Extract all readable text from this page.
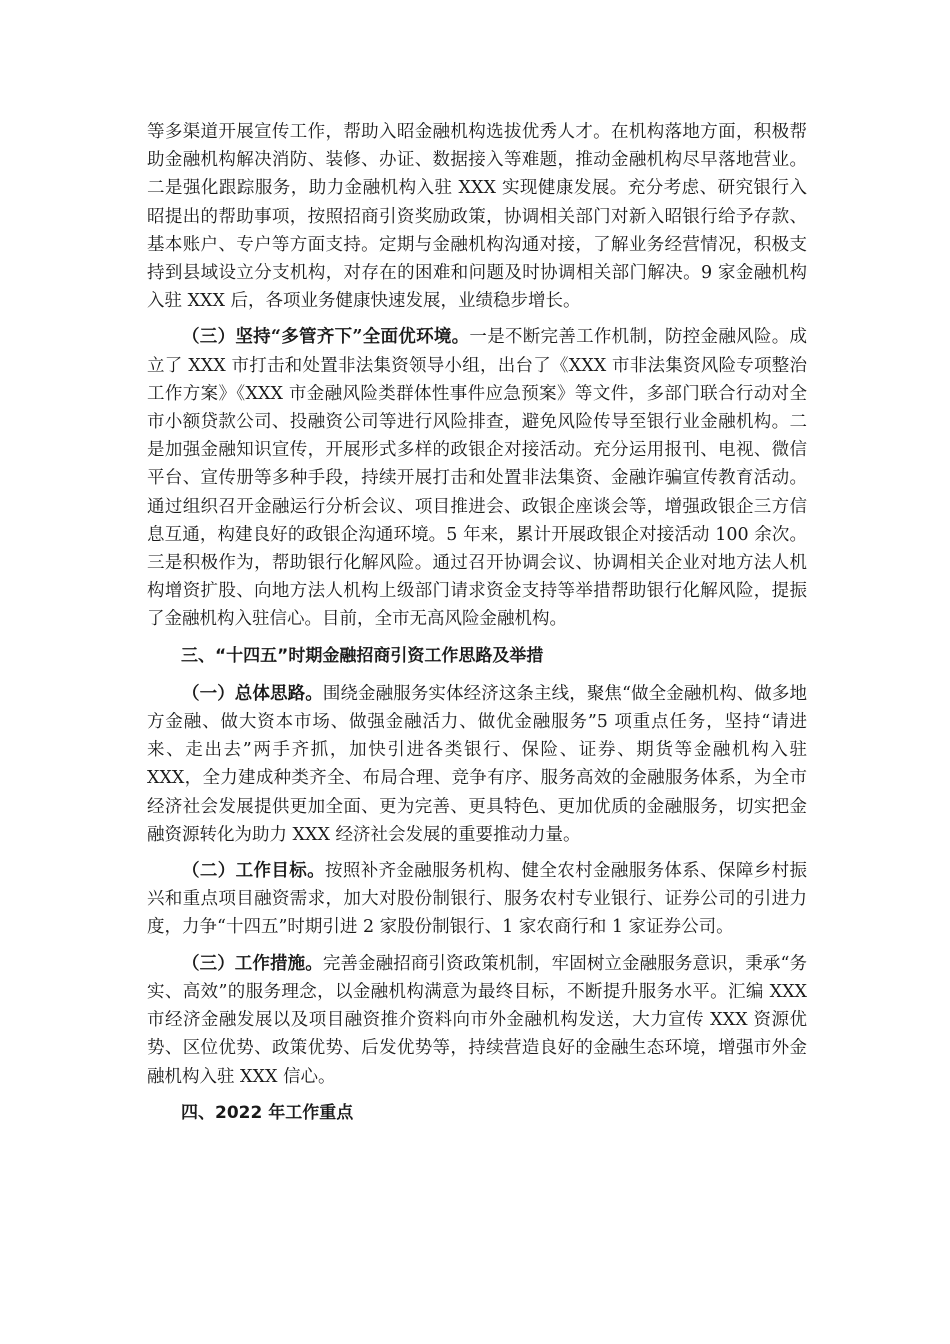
等多渠道开展宣传工作，帮助入昭金融机构选拔优秀人才。在机构落地方面，积极帮助金融机构解决消防、装修、办证、数据接入等难题，推动金融机构尽早落地营业。二是强化跟踪服务，助力金融机构入驻 XXX 实现健康发展。充分考虑、研究银行入昭提出的帮助事项，按照招商引资奖励政策，协调相关部门对新入昭银行给予存款、基本账户、专户等方面支持。定期与金融机构沟通对接，了解业务经营情况，积极支持到县域设立分支机构，对存在的困难和问题及时协调相关部门解决。9 家金融机构入驻 XXX 后，各项业务健康快速发展，业绩稳步增长。

（三）坚持“多管齐下”全面优环境。一是不断完善工作机制，防控金融风险。成立了 XXX 市打击和处置非法集资领导小组，出台了《XXX 市非法集资风险专项整治工作方案》《XXX 市金融风险类群体性事件应急预案》等文件，多部门联合行动对全市小额贷款公司、投融资公司等进行风险排查，避免风险传导至银行业金融机构。二是加强金融知识宣传，开展形式多样的政银企对接活动。充分运用报刊、电视、微信平台、宣传册等多种手段，持续开展打击和处置非法集资、金融诈骗宣传教育活动。通过组织召开金融运行分析会议、项目推进会、政银企座谈会等，增强政银企三方信息互通，构建良好的政银企沟通环境。5 年来，累计开展政银企对接活动 100 余次。三是积极作为，帮助银行化解风险。通过召开协调会议、协调相关企业对地方法人机构增资扩股、向地方法人机构上级部门请求资金支持等举措帮助银行化解风险，提振了金融机构入驻信心。目前，全市无高风险金融机构。

三、“十四五”时期金融招商引资工作思路及举措

（一）总体思路。围绕金融服务实体经济这条主线，聚焦“做全金融机构、做多地方金融、做大资本市场、做强金融活力、做优金融服务”5 项重点任务，坚持“请进来、走出去”两手齐抓，加快引进各类银行、保险、证券、期货等金融机构入驻 XXX，全力建成种类齐全、布局合理、竞争有序、服务高效的金融服务体系，为全市经济社会发展提供更加全面、更为完善、更具特色、更加优质的金融服务，切实把金融资源转化为助力 XXX 经济社会发展的重要推动力量。

（二）工作目标。按照补齐金融服务机构、健全农村金融服务体系、保障乡村振兴和重点项目融资需求，加大对股份制银行、服务农村专业银行、证券公司的引进力度，力争“十四五”时期引进 2 家股份制银行、1 家农商行和 1 家证券公司。

（三）工作措施。完善金融招商引资政策机制，牢固树立金融服务意识，秉承“务实、高效”的服务理念，以金融机构满意为最终目标，不断提升服务水平。汇编 XXX 市经济金融发展以及项目融资推介资料向市外金融机构发送，大力宣传 XXX 资源优势、区位优势、政策优势、后发优势等，持续营造良好的金融生态环境，增强市外金融机构入驻 XXX 信心。

四、2022 年工作重点
